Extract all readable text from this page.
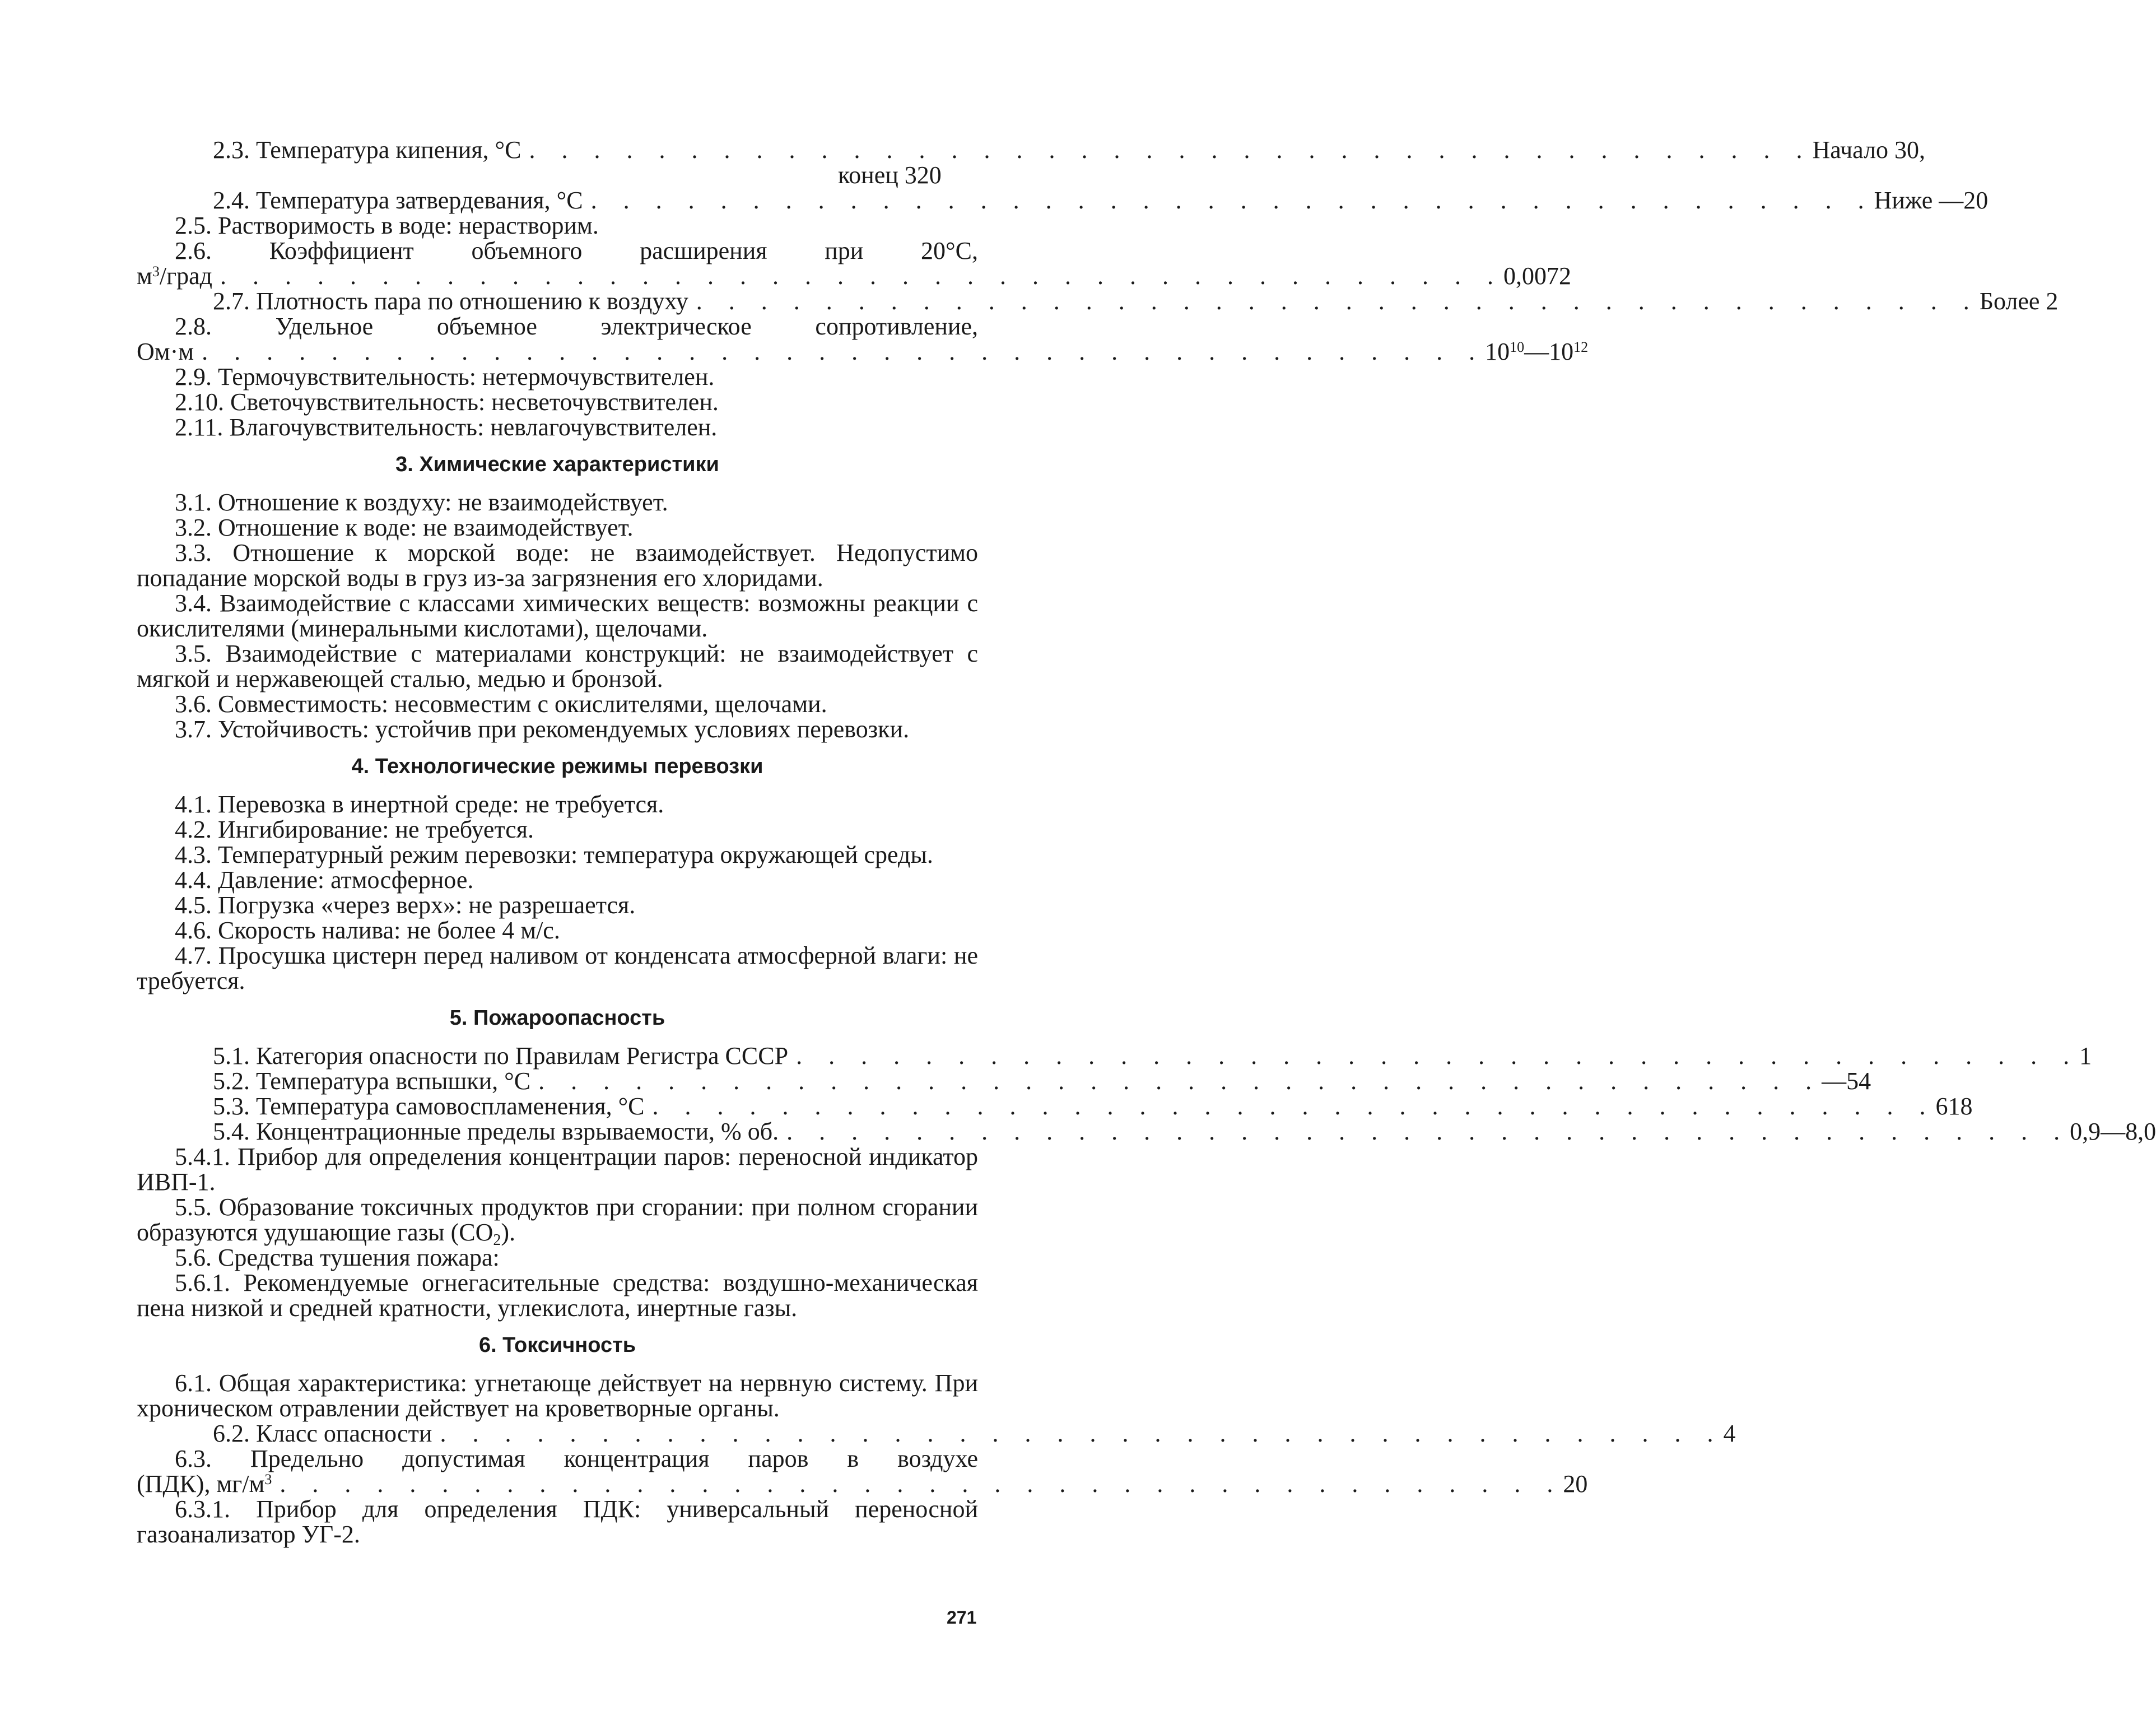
2.3. Температура кипения, °С . . . . . . . . . . . . . . . . . . . . . . . . . . . . . . . . . . . . . . . . Начало 30,
конец 320
2.4. Температура затвердевания, °С . . . . . . . . . . . . . . . . . . . . . . . . . . . . . . . . . . . . . . . . Ниже —20

2.5. Растворимость в воде: нерастворим.

2.6. Коэффициент объемного расширения при 20°С,

$м^3$/град . . . . . . . . . . . . . . . . . . . . . . . . . . . . . . . . . . . . . . . . 0,0072
2.7. Плотность пара по отношению к воздуху . . . . . . . . . . . . . . . . . . . . . . . . . . . . . . . . . . . . . . . . Более 2

2.8. Удельное объемное электрическое сопротивление,

Ом·м . . . . . . . . . . . . . . . . . . . . . . . . . . . . . . . . . . . . . . . . $10^{10}—10^{12}$

2.9. Термочувствительность: нетермочувствителен.

2.10. Светочувствительность: несветочувствителен.

2.11. Влагочувствительность: невлагочувствителен.

3. Химические характеристики

3.1. Отношение к воздуху: не взаимодействует.

3.2. Отношение к воде: не взаимодействует.

3.3. Отношение к морской воде: не взаимодействует. Недопустимо попадание морской воды в груз из-за загрязнения его хлоридами.

3.4. Взаимодействие с классами химических веществ: возможны реакции с окислителями (минеральными кислотами), щелочами.

3.5. Взаимодействие с материалами конструкций: не взаимодействует с мягкой и нержавеющей сталью, медью и бронзой.

3.6. Совместимость: несовместим с окислителями, щелочами.

3.7. Устойчивость: устойчив при рекомендуемых условиях перевозки.

4. Технологические режимы перевозки

4.1. Перевозка в инертной среде: не требуется.

4.2. Ингибирование: не требуется.

4.3. Температурный режим перевозки: температура окружающей среды.

4.4. Давление: атмосферное.

4.5. Погрузка «через верх»: не разрешается.

4.6. Скорость налива: не более 4 м/с.

4.7. Просушка цистерн перед наливом от конденсата атмосферной влаги: не требуется.

5. Пожароопасность

5.1. Категория опасности по Правилам Регистра СССР . . . . . . . . . . . . . . . . . . . . . . . . . . . . . . . . . . . . . . . . 1
5.2. Температура вспышки, °С . . . . . . . . . . . . . . . . . . . . . . . . . . . . . . . . . . . . . . . . —54
5.3. Температура самовоспламенения, °С . . . . . . . . . . . . . . . . . . . . . . . . . . . . . . . . . . . . . . . . 618
5.4. Концентрационные пределы взрываемости, % об. . . . . . . . . . . . . . . . . . . . . . . . . . . . . . . . . . . . . . . . . 0,9—8,0

5.4.1. Прибор для определения концентрации паров: переносной индикатор ИВП-1.

5.5. Образование токсичных продуктов при сгорании: при полном сгорании образуются удушающие газы $(СО_2)$.

5.6. Средства тушения пожара:

5.6.1. Рекомендуемые огнегасительные средства: воздушно-механическая пена низкой и средней кратности, углекислота, инертные газы.

6. Токсичность

6.1. Общая характеристика: угнетающе действует на нервную систему. При хроническом отравлении действует на кроветворные органы.

6.2. Класс опасности . . . . . . . . . . . . . . . . . . . . . . . . . . . . . . . . . . . . . . . . 4

6.3. Предельно допустимая концентрация паров в воздухе

(ПДК), $мг/м^3$ . . . . . . . . . . . . . . . . . . . . . . . . . . . . . . . . . . . . . . . . 20

6.3.1. Прибор для определения ПДК: универсальный переносной газоанализатор УГ-2.

271
